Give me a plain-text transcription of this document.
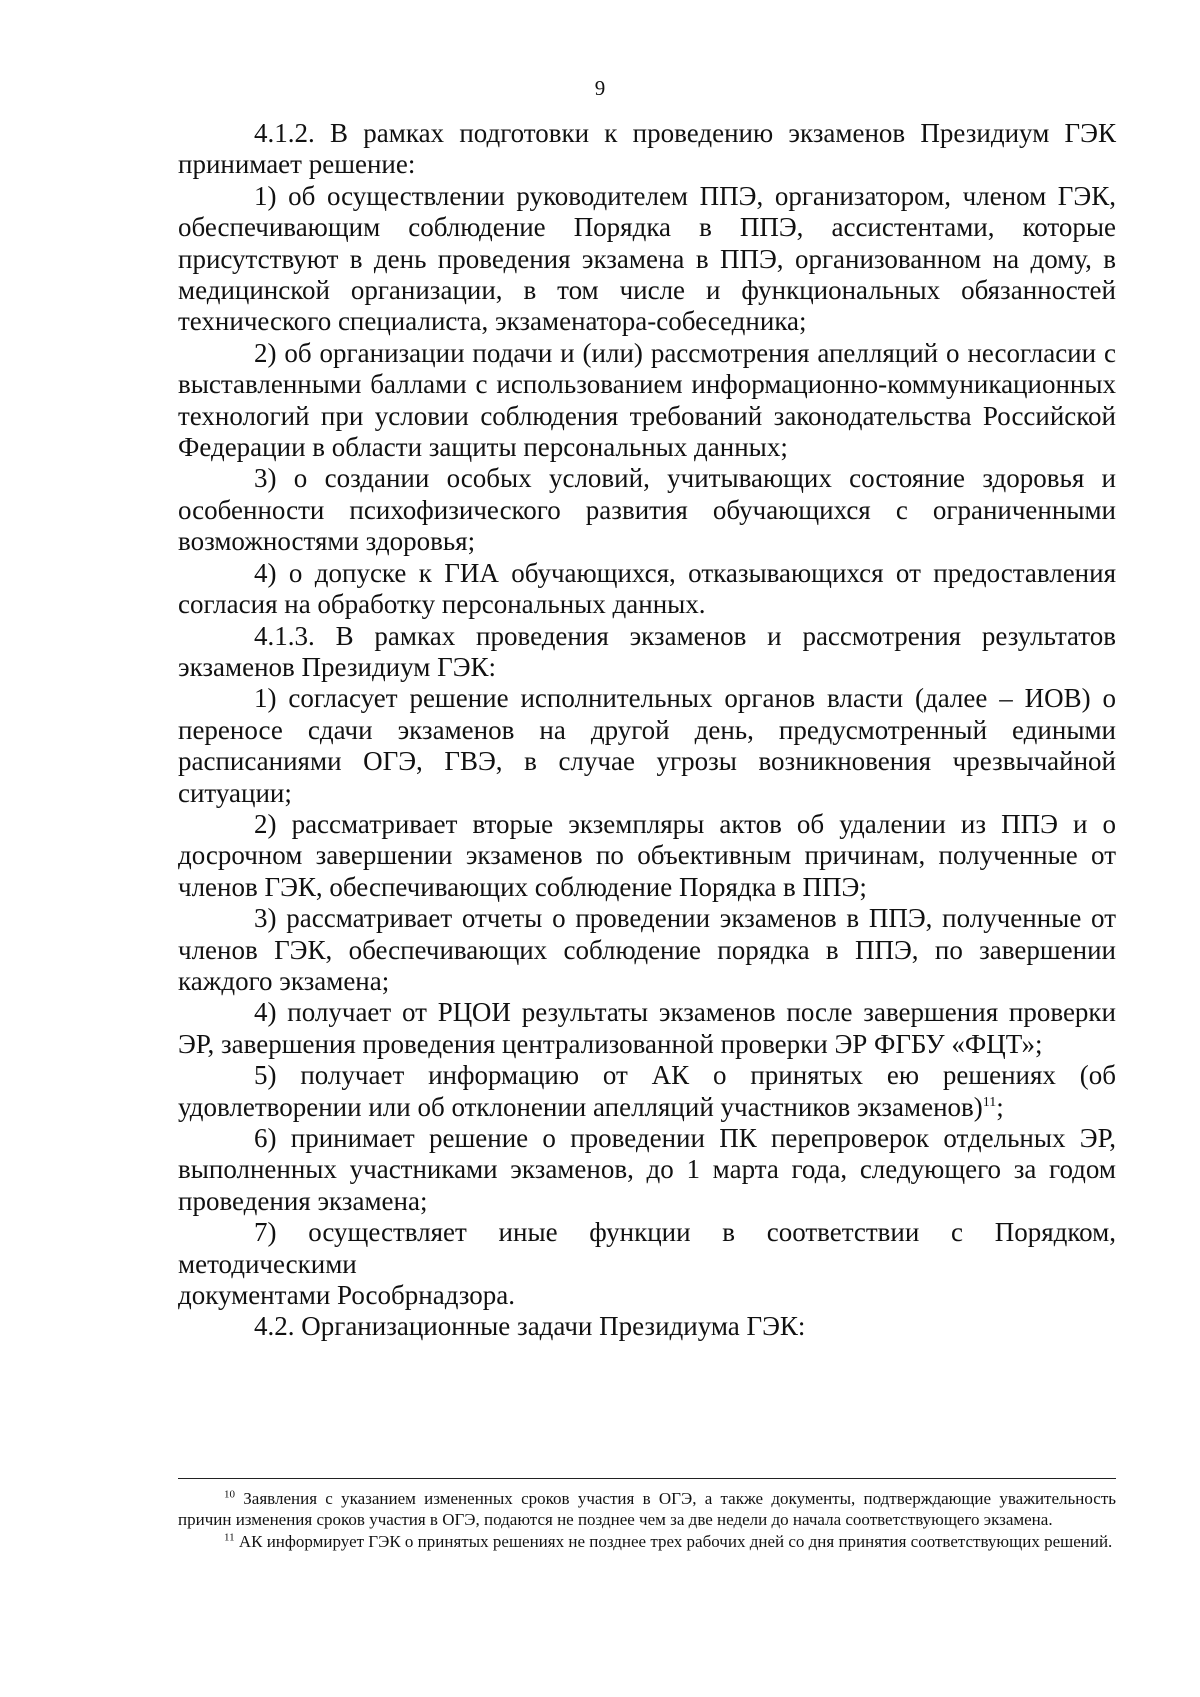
9

4.1.2. В рамках подготовки к проведению экзаменов Президиум ГЭК принимает решение:

1) об осуществлении руководителем ППЭ, организатором, членом ГЭК, обеспечивающим соблюдение Порядка в ППЭ, ассистентами, которые присутствуют в день проведения экзамена в ППЭ, организованном на дому, в медицинской организации, в том числе и функциональных обязанностей технического специалиста, экзаменатора-собеседника;

2) об организации подачи и (или) рассмотрения апелляций о несогласии с выставленными баллами с использованием информационно-коммуникационных технологий при условии соблюдения требований законодательства Российской Федерации в области защиты персональных данных;

3) о создании особых условий, учитывающих состояние здоровья и особенности психофизического развития обучающихся с ограниченными возможностями здоровья;

4) о допуске к ГИА обучающихся, отказывающихся от предоставления согласия на обработку персональных данных.

4.1.3. В рамках проведения экзаменов и рассмотрения результатов экзаменов Президиум ГЭК:

1) согласует решение исполнительных органов власти (далее – ИОВ) о переносе сдачи экзаменов на другой день, предусмотренный едиными расписаниями ОГЭ, ГВЭ, в случае угрозы возникновения чрезвычайной ситуации;

2) рассматривает вторые экземпляры актов об удалении из ППЭ и о досрочном завершении экзаменов по объективным причинам, полученные от членов ГЭК, обеспечивающих соблюдение Порядка в ППЭ;

3) рассматривает отчеты о проведении экзаменов в ППЭ, полученные от членов ГЭК, обеспечивающих соблюдение порядка в ППЭ, по завершении каждого экзамена;

4) получает от РЦОИ результаты экзаменов после завершения проверки ЭР, завершения проведения централизованной проверки ЭР ФГБУ «ФЦТ»;

5) получает информацию от АК о принятых ею решениях (об удовлетворении или об отклонении апелляций участников экзаменов)$^{11}$;

6) принимает решение о проведении ПК перепроверок отдельных ЭР, выполненных участниками экзаменов, до 1 марта года, следующего за годом проведения экзамена;

7) осуществляет иные функции в соответствии с Порядком, методическими

документами Рособрнадзора.

4.2. Организационные задачи Президиума ГЭК:

$^{10}$ Заявления с указанием измененных сроков участия в ОГЭ, а также документы, подтверждающие уважительность причин изменения сроков участия в ОГЭ, подаются не позднее чем за две недели до начала соответствующего экзамена.

$^{11}$ АК информирует ГЭК о принятых решениях не позднее трех рабочих дней со дня принятия соответствующих решений.
